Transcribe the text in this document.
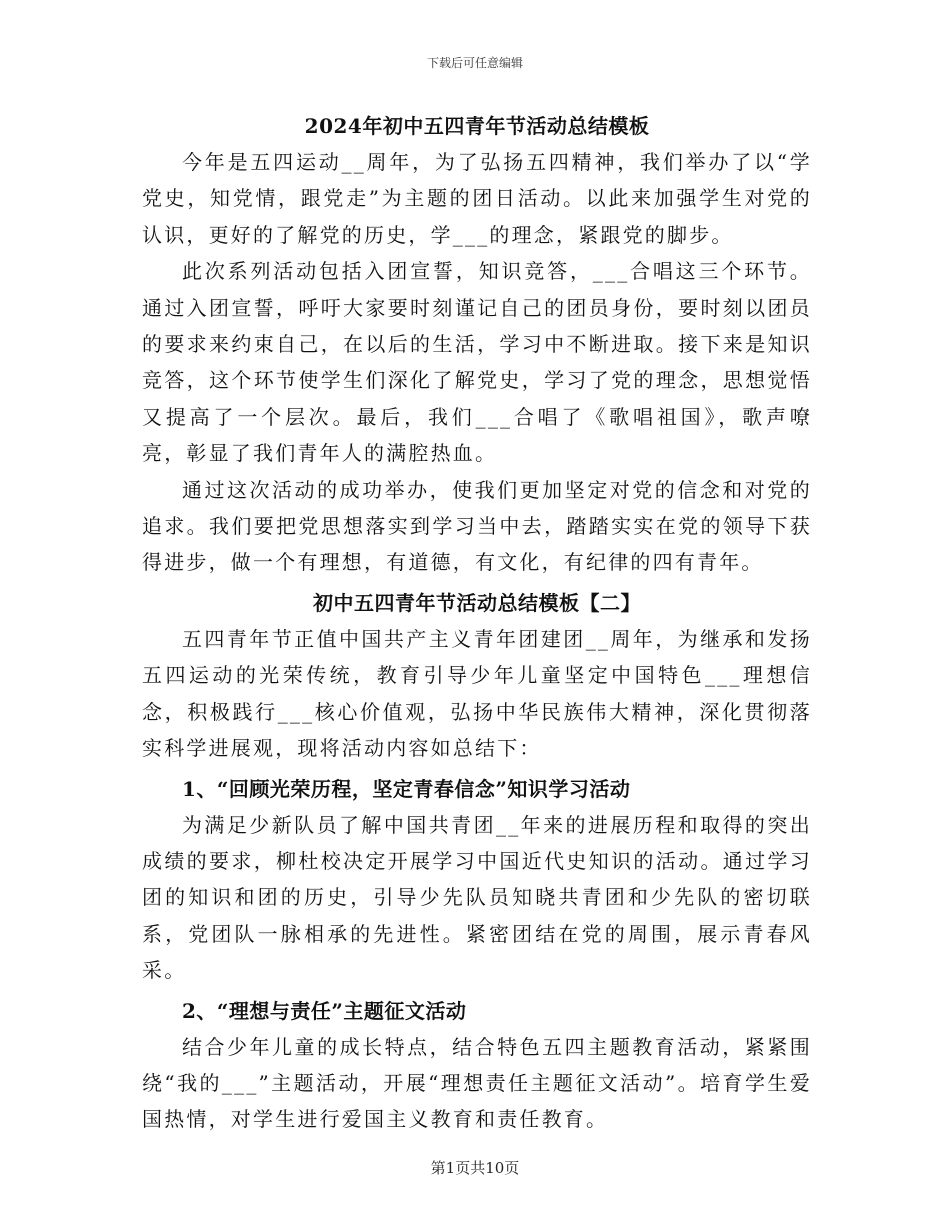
下载后可任意编辑
2024年初中五四青年节活动总结模板

今年是五四运动__周年，为了弘扬五四精神，我们举办了以“学党史，知党情，跟党走”为主题的团日活动。以此来加强学生对党的认识，更好的了解党的历史，学___的理念，紧跟党的脚步。

此次系列活动包括入团宣誓，知识竞答，___合唱这三个环节。通过入团宣誓，呼吁大家要时刻谨记自己的团员身份，要时刻以团员的要求来约束自己，在以后的生活，学习中不断进取。接下来是知识竞答，这个环节使学生们深化了解党史，学习了党的理念，思想觉悟又提高了一个层次。最后，我们___合唱了《歌唱祖国》，歌声嘹亮，彰显了我们青年人的满腔热血。

通过这次活动的成功举办，使我们更加坚定对党的信念和对党的追求。我们要把党思想落实到学习当中去，踏踏实实在党的领导下获得进步，做一个有理想，有道德，有文化，有纪律的四有青年。

初中五四青年节活动总结模板【二】

五四青年节正值中国共产主义青年团建团__周年，为继承和发扬五四运动的光荣传统，教育引导少年儿童坚定中国特色___理想信念，积极践行___核心价值观，弘扬中华民族伟大精神，深化贯彻落实科学进展观，现将活动内容如总结下：

1、“回顾光荣历程，坚定青春信念”知识学习活动

为满足少新队员了解中国共青团__年来的进展历程和取得的突出成绩的要求，柳杜校决定开展学习中国近代史知识的活动。通过学习团的知识和团的历史，引导少先队员知晓共青团和少先队的密切联系，党团队一脉相承的先进性。紧密团结在党的周围，展示青春风采。

2、“理想与责任”主题征文活动

结合少年儿童的成长特点，结合特色五四主题教育活动，紧紧围绕“我的___”主题活动，开展“理想责任主题征文活动”。培育学生爱国热情，对学生进行爱国主义教育和责任教育。

第1页共10页
